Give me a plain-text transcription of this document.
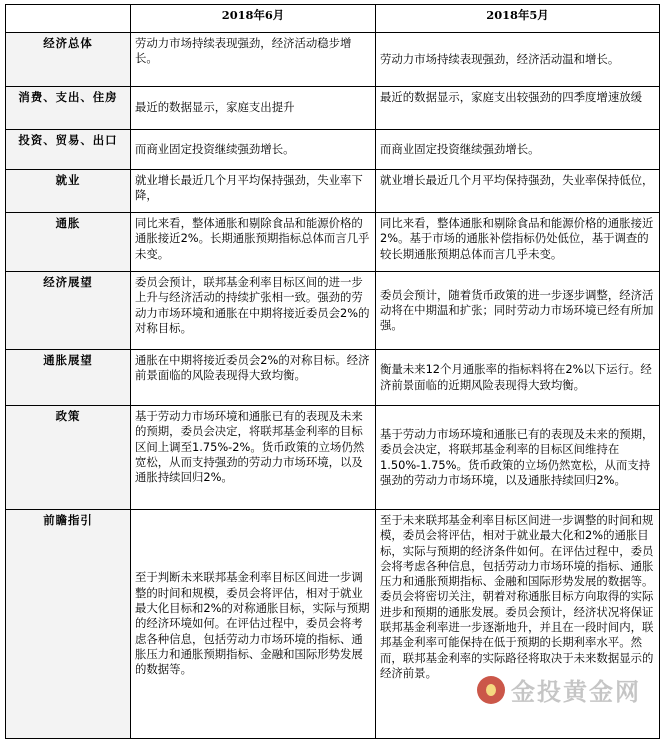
	2018年6月	2018年5月
经济总体	劳动力市场持续表现强劲，经济活动稳步增长。	劳动力市场持续表现强劲，经济活动温和增长。
消费、支出、住房	最近的数据显示，家庭支出提升	最近的数据显示，家庭支出较强劲的四季度增速放缓
投资、贸易、出口	而商业固定投资继续强劲增长。	而商业固定投资继续强劲增长。
就业	就业增长最近几个月平均保持强劲，失业率下降，	就业增长最近几个月平均保持强劲，失业率保持低位，
通胀	同比来看，整体通胀和剔除食品和能源价格的通胀接近2%。长期通胀预期指标总体而言几乎未变。	同比来看，整体通胀和剔除食品和能源价格的通胀接近2%。基于市场的通胀补偿指标仍处低位，基于调查的较长期通胀预期总体而言几乎未变。
经济展望	委员会预计，联邦基金利率目标区间的进一步上升与经济活动的持续扩张相一致。强劲的劳动力市场环境和通胀在中期将接近委员会2%的对称目标。	委员会预计，随着货币政策的进一步逐步调整，经济活动将在中期温和扩张；同时劳动力市场环境已经有所加强。
通胀展望	通胀在中期将接近委员会2%的对称目标。经济前景面临的风险表现得大致均衡。	衡量未来12个月通胀率的指标料将在2%以下运行。经济前景面临的近期风险表现得大致均衡。
政策	基于劳动力市场环境和通胀已有的表现及未来的预期，委员会决定，将联邦基金利率的目标区间上调至1.75%-2%。货币政策的立场仍然宽松，从而支持强劲的劳动力市场环境，以及通胀持续回归2%。	基于劳动力市场环境和通胀已有的表现及未来的预期，委员会决定，将联邦基金利率的目标区间维持在1.50%-1.75%。货币政策的立场仍然宽松，从而支持强劲的劳动力市场环境，以及通胀持续回归2%。
前瞻指引	至于判断未来联邦基金利率目标区间进一步调整的时间和规模，委员会将评估，相对于就业最大化目标和2%的对称通胀目标，实际与预期的经济环境如何。在评估过程中，委员会将考虑各种信息，包括劳动力市场环境的指标、通胀压力和通胀预期指标、金融和国际形势发展的数据等。	至于未来联邦基金利率目标区间进一步调整的时间和规模，委员会将评估，相对于就业最大化和2%的通胀目标，实际与预期的经济条件如何。在评估过程中，委员会将考虑各种信息，包括劳动力市场环境的指标、通胀压力和通胀预期指标、金融和国际形势发展的数据等。委员会将密切关注，朝着对称通胀目标方向取得的实际进步和预期的通胀发展。委员会预计，经济状况将保证联邦基金利率进一步逐渐地升，并且在一段时间内，联邦基金利率可能保持在低于预期的长期利率水平。然而，联邦基金利率的实际路径将取决于未来数据显示的经济前景。
金投黄金网
